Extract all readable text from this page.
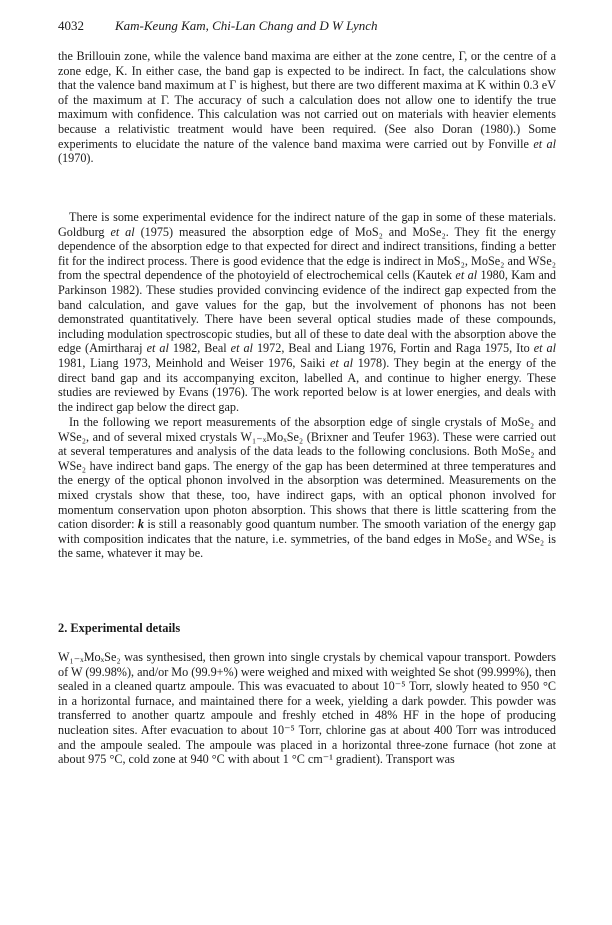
4032 Kam-Keung Kam, Chi-Lan Chang and D W Lynch

the Brillouin zone, while the valence band maxima are either at the zone centre, Γ, or the centre of a zone edge, K. In either case, the band gap is expected to be indirect. In fact, the calculations show that the valence band maximum at Γ is highest, but there are two different maxima at K within 0.3 eV of the maximum at Γ. The accuracy of such a calculation does not allow one to identify the true maximum with confidence. This calculation was not carried out on materials with heavier elements because a relativistic treatment would have been required. (See also Doran (1980).) Some experiments to elucidate the nature of the valence band maxima were carried out by Fonville et al (1970).

There is some experimental evidence for the indirect nature of the gap in some of these materials. Goldburg et al (1975) measured the absorption edge of MoS₂ and MoSe₂. They fit the energy dependence of the absorption edge to that expected for direct and indirect transitions, finding a better fit for the indirect process. There is good evidence that the edge is indirect in MoS₂, MoSe₂ and WSe₂ from the spectral dependence of the photoyield of electrochemical cells (Kautek et al 1980, Kam and Parkinson 1982). These studies provided convincing evidence of the indirect gap expected from the band calculation, and gave values for the gap, but the involvement of phonons has not been demonstrated quantitatively. There have been several optical studies made of these compounds, including modulation spectroscopic studies, but all of these to date deal with the absorption above the edge (Amirtharaj et al 1982, Beal et al 1972, Beal and Liang 1976, Fortin and Raga 1975, Ito et al 1981, Liang 1973, Meinhold and Weiser 1976, Saiki et al 1978). They begin at the energy of the direct band gap and its accompanying exciton, labelled A, and continue to higher energy. These studies are reviewed by Evans (1976). The work reported below is at lower energies, and deals with the indirect gap below the direct gap.

In the following we report measurements of the absorption edge of single crystals of MoSe₂ and WSe₂, and of several mixed crystals W₁₋ₓMoₓSe₂ (Brixner and Teufer 1963). These were carried out at several temperatures and analysis of the data leads to the following conclusions. Both MoSe₂ and WSe₂ have indirect band gaps. The energy of the gap has been determined at three temperatures and the energy of the optical phonon involved in the absorption was determined. Measurements on the mixed crystals show that these, too, have indirect gaps, with an optical phonon involved for momentum conservation upon photon absorption. This shows that there is little scattering from the cation disorder: k is still a reasonably good quantum number. The smooth variation of the energy gap with composition indicates that the nature, i.e. symmetries, of the band edges in MoSe₂ and WSe₂ is the same, whatever it may be.

2. Experimental details

W₁₋ₓMoₓSe₂ was synthesised, then grown into single crystals by chemical vapour transport. Powders of W (99.98%), and/or Mo (99.9+%) were weighed and mixed with weighted Se shot (99.999%), then sealed in a cleaned quartz ampoule. This was evacuated to about 10⁻⁵ Torr, slowly heated to 950 °C in a horizontal furnace, and maintained there for a week, yielding a dark powder. This powder was transferred to another quartz ampoule and freshly etched in 48% HF in the hope of producing nucleation sites. After evacuation to about 10⁻⁵ Torr, chlorine gas at about 400 Torr was introduced and the ampoule sealed. The ampoule was placed in a horizontal three-zone furnace (hot zone at about 975 °C, cold zone at 940 °C with about 1 °C cm⁻¹ gradient). Transport was
